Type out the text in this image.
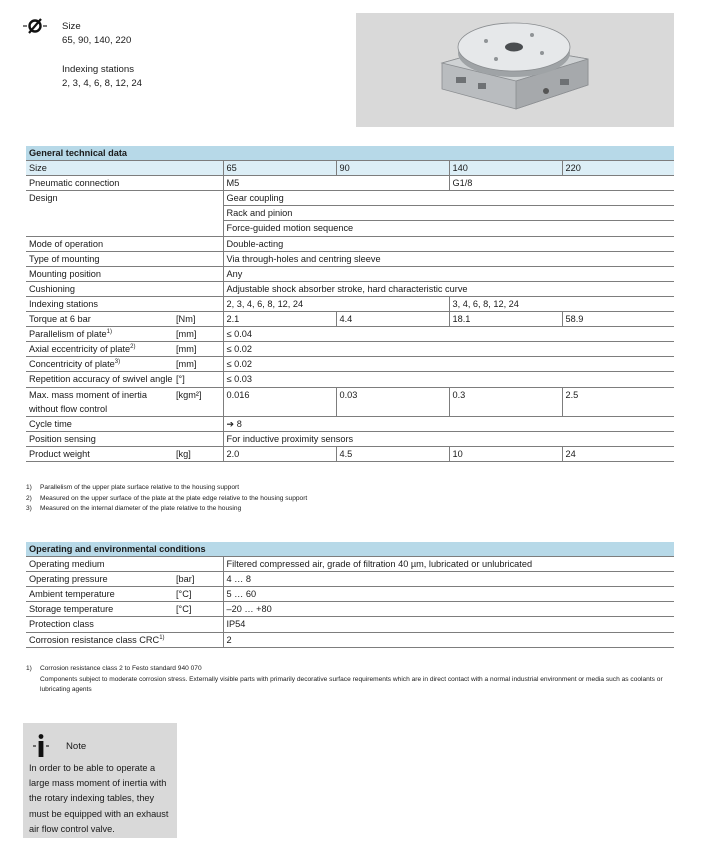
Size
65, 90, 140, 220
Indexing stations
2, 3, 4, 6, 8, 12, 24
General technical data					
Size		65	90	140	220
Pneumatic connection		M5		G1/8	
Design		Gear coupling			
		Rack and pinion			
		Force-guided motion sequence			
Mode of operation		Double-acting			
Type of mounting		Via through-holes and centring sleeve			
Mounting position		Any			
Cushioning		Adjustable shock absorber stroke, hard characteristic curve			
Indexing stations		2, 3, 4, 6, 8, 12, 24		3, 4, 6, 8, 12, 24	
Torque at 6 bar	[Nm]	2.1	4.4	18.1	58.9
Parallelism of plate$^{1)}$	[mm]	≤ 0.04			
Axial eccentricity of plate$^{2)}$	[mm]	≤ 0.02			
Concentricity of plate$^{3)}$	[mm]	≤ 0.02			
Repetition accuracy of swivel angle	[°]	≤ 0.03			

Max. mass moment of inertia
without flow control	[kgm²]	0.016	0.03	0.3	2.5
Cycle time		➔ 8			
Position sensing		For inductive proximity sensors			
Product weight	[kg]	2.0	4.5	10	24
1) Parallelism of the upper plate surface relative to the housing support
2) Measured on the upper surface of the plate at the plate edge relative to the housing support
3) Measured on the internal diameter of the plate relative to the housing
Operating and environmental conditions		
Operating medium		Filtered compressed air, grade of filtration 40 µm, lubricated or unlubricated
Operating pressure	[bar]	4 … 8
Ambient temperature	[°C]	5 … 60
Storage temperature	[°C]	–20 … +80
Protection class		IP54
Corrosion resistance class CRC$^{1)}$		2
1) Corrosion resistance class 2 to Festo standard 940 070
Components subject to moderate corrosion stress. Externally visible parts with primarily decorative surface requirements which are in direct contact with a normal industrial environment or media such as coolants or lubricating agents
Note
In order to be able to operate a large mass moment of inertia with the rotary indexing tables, they must be equipped with an exhaust air flow control valve.
